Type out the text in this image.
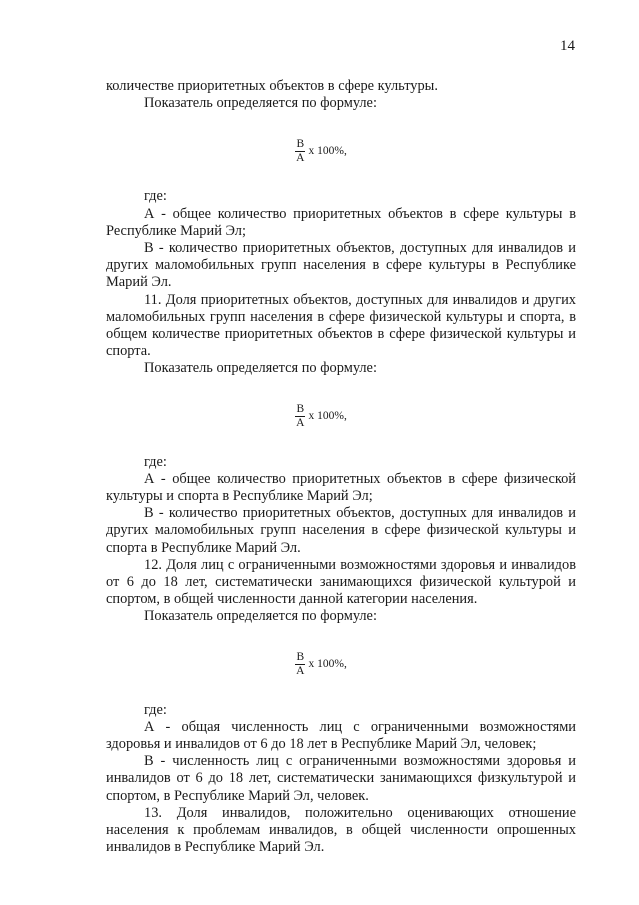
14

количестве приоритетных объектов в сфере культуры.

Показатель определяется по формуле:

$\frac{В}{А}$ х 100%,

где:

А - общее количество приоритетных объектов в сфере культуры в Республике Марий Эл;

В - количество приоритетных объектов, доступных для инвалидов и других маломобильных групп населения в сфере культуры в Республике Марий Эл.

11. Доля приоритетных объектов, доступных для инвалидов и других маломобильных групп населения в сфере физической культуры и спорта, в общем количестве приоритетных объектов в сфере физической культуры и спорта.

Показатель определяется по формуле:

$\frac{В}{А}$ х 100%,

где:

А - общее количество приоритетных объектов в сфере физической культуры и спорта в Республике Марий Эл;

В - количество приоритетных объектов, доступных для инвалидов и других маломобильных групп населения в сфере физической культуры и спорта в Республике Марий Эл.

12. Доля лиц с ограниченными возможностями здоровья и инвалидов от 6 до 18 лет, систематически занимающихся физической культурой и спортом, в общей численности данной категории населения.

Показатель определяется по формуле:

$\frac{В}{А}$ х 100%,

где:

А - общая численность лиц с ограниченными возможностями здоровья и инвалидов от 6 до 18 лет в Республике Марий Эл, человек;

В - численность лиц с ограниченными возможностями здоровья и инвалидов от 6 до 18 лет, систематически занимающихся физкультурой и спортом, в Республике Марий Эл, человек.

13. Доля инвалидов, положительно оценивающих отношение населения к проблемам инвалидов, в общей численности опрошенных инвалидов в Республике Марий Эл.
